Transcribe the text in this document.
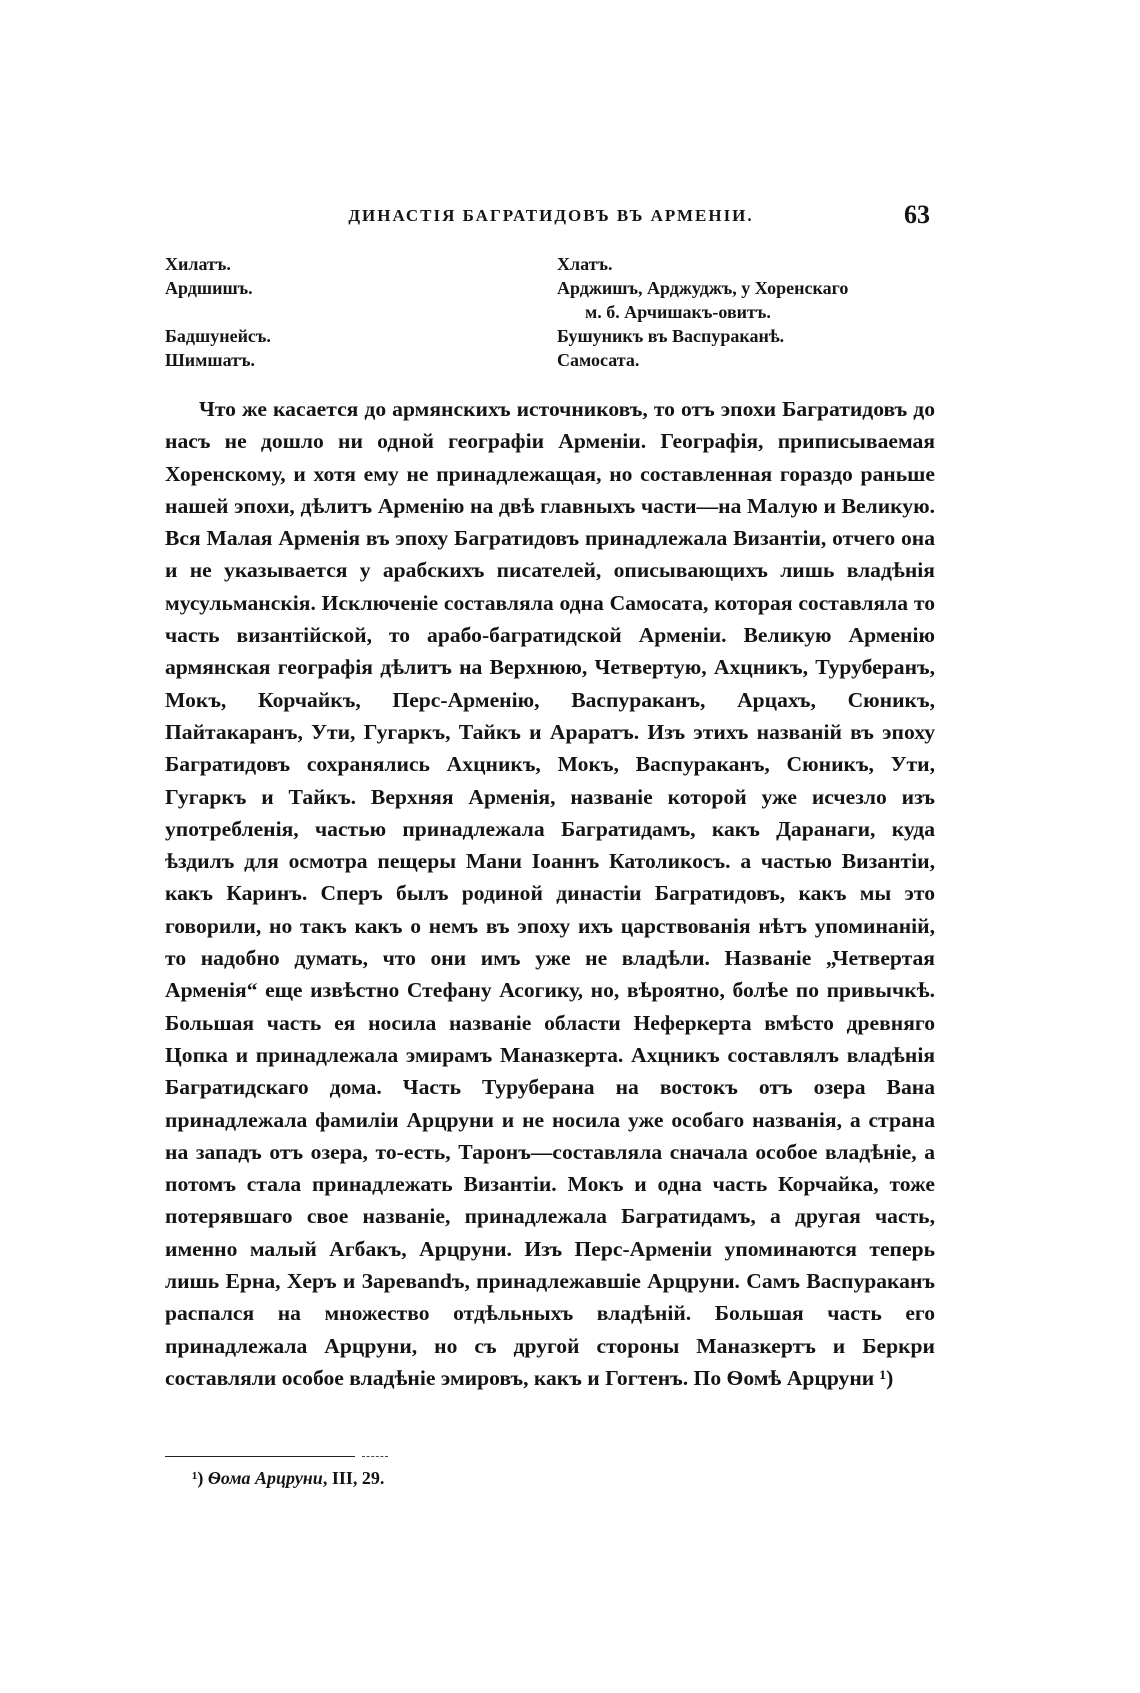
ДИНАСТІЯ БАГРАТИДОВЪ ВЪ АРМЕНІИ.	63
Хилатъ.	Хлатъ.
Ардшишъ.	Арджишъ, Арджуджъ, у Хоренскаго
м. б. Арчишакъ-овитъ.
Бадшунейсъ.	Бушуникъ въ Васпураканѣ.
Шимшатъ.	Самосата.

Что же касается до армянскихъ источниковъ, то отъ эпохи Багратидовъ до насъ не дошло ни одной географіи Арменіи. Географія, приписываемая Хоренскому, и хотя ему не принадлежащая, но составленная гораздо раньше нашей эпохи, дѣлитъ Арменію на двѣ главныхъ части—на Малую и Великую. Вся Малая Арменія въ эпоху Багратидовъ принадлежала Византіи, отчего она и не указывается у арабскихъ писателей, описывающихъ лишь владѣнія мусульманскія. Исключеніе составляла одна Самосата, которая составляла то часть византійской, то арабо-багратидской Арменіи. Великую Арменію армянская географія дѣлитъ на Верхнюю, Четвертую, Ахцникъ, Туруберанъ, Мокъ, Корчайкъ, Перс-Арменію, Васпураканъ, Арцахъ, Сюникъ, Пайтакаранъ, Ути, Гугаркъ, Тайкъ и Араратъ. Изъ этихъ названій въ эпоху Багратидовъ сохранялись Ахцникъ, Мокъ, Васпураканъ, Сюникъ, Ути, Гугаркъ и Тайкъ. Верхняя Арменія, названіе которой уже исчезло изъ употребленія, частью принадлежала Багратидамъ, какъ Даранаги, куда ѣздилъ для осмотра пещеры Мани Іоаннъ Католикосъ. а частью Византіи, какъ Каринъ. Сперъ былъ родиной династіи Багратидовъ, какъ мы это говорили, но такъ какъ о немъ въ эпоху ихъ царствованія нѣтъ упоминаній, то надобно думать, что они имъ уже не владѣли. Названіе „Четвертая Арменія“ еще извѣстно Стефану Асогику, но, вѣроятно, болѣе по привычкѣ. Большая часть ея носила названіе области Неферкерта вмѣсто древняго Цопка и принадлежала эмирамъ Маназкерта. Ахцникъ составлялъ владѣнія Багратидскаго дома. Часть Туруберана на востокъ отъ озера Вана принадлежала фамиліи Арцруни и не носила уже особаго названія, а страна на западъ отъ озера, то-есть, Таронъ—составляла сначала особое владѣніе, а потомъ стала принадлежать Византіи. Мокъ и одна часть Корчайка, тоже потерявшаго свое названіе, принадлежала Багратидамъ, а другая часть, именно малый Агбакъ, Арцруни. Изъ Перс-Арменіи упоминаются теперь лишь Ерна, Херъ и Зареваndъ, принадлежавшіе Арцруни. Самъ Васпураканъ распался на множество отдѣльныхъ владѣній. Большая часть его принадлежала Арцруни, но съ другой стороны Маназкертъ и Беркри составляли особое владѣніе эмировъ, какъ и Гогтенъ. По Ѳомѣ Арцруни ¹)

¹) Ѳома Арцруни, III, 29.
